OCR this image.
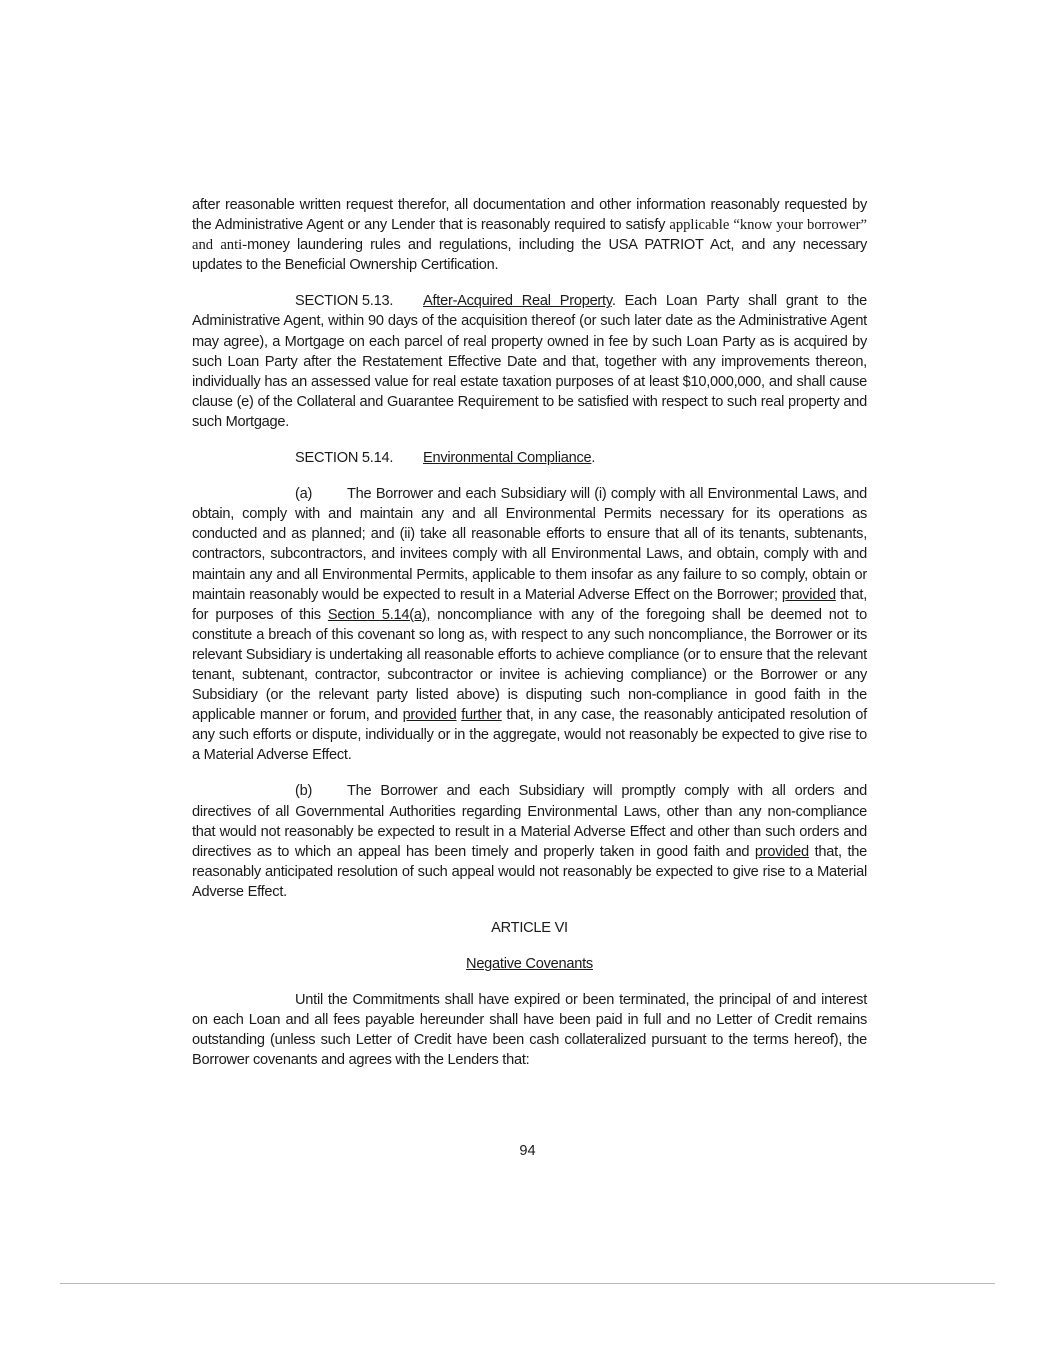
after reasonable written request therefor, all documentation and other information reasonably requested by the Administrative Agent or any Lender that is reasonably required to satisfy applicable “know your borrower” and anti-money laundering rules and regulations, including the USA PATRIOT Act, and any necessary updates to the Beneficial Ownership Certification.

SECTION 5.13. After-Acquired Real Property. Each Loan Party shall grant to the Administrative Agent, within 90 days of the acquisition thereof (or such later date as the Administrative Agent may agree), a Mortgage on each parcel of real property owned in fee by such Loan Party as is acquired by such Loan Party after the Restatement Effective Date and that, together with any improvements thereon, individually has an assessed value for real estate taxation purposes of at least $10,000,000, and shall cause clause (e) of the Collateral and Guarantee Requirement to be satisfied with respect to such real property and such Mortgage.

SECTION 5.14. Environmental Compliance.

(a) The Borrower and each Subsidiary will (i) comply with all Environmental Laws, and obtain, comply with and maintain any and all Environmental Permits necessary for its operations as conducted and as planned; and (ii) take all reasonable efforts to ensure that all of its tenants, subtenants, contractors, subcontractors, and invitees comply with all Environmental Laws, and obtain, comply with and maintain any and all Environmental Permits, applicable to them insofar as any failure to so comply, obtain or maintain reasonably would be expected to result in a Material Adverse Effect on the Borrower; provided that, for purposes of this Section 5.14(a), noncompliance with any of the foregoing shall be deemed not to constitute a breach of this covenant so long as, with respect to any such noncompliance, the Borrower or its relevant Subsidiary is undertaking all reasonable efforts to achieve compliance (or to ensure that the relevant tenant, subtenant, contractor, subcontractor or invitee is achieving compliance) or the Borrower or any Subsidiary (or the relevant party listed above) is disputing such non-compliance in good faith in the applicable manner or forum, and provided further that, in any case, the reasonably anticipated resolution of any such efforts or dispute, individually or in the aggregate, would not reasonably be expected to give rise to a Material Adverse Effect.

(b) The Borrower and each Subsidiary will promptly comply with all orders and directives of all Governmental Authorities regarding Environmental Laws, other than any non-compliance that would not reasonably be expected to result in a Material Adverse Effect and other than such orders and directives as to which an appeal has been timely and properly taken in good faith and provided that, the reasonably anticipated resolution of such appeal would not reasonably be expected to give rise to a Material Adverse Effect.

ARTICLE VI

Negative Covenants

Until the Commitments shall have expired or been terminated, the principal of and interest on each Loan and all fees payable hereunder shall have been paid in full and no Letter of Credit remains outstanding (unless such Letter of Credit have been cash collateralized pursuant to the terms hereof), the Borrower covenants and agrees with the Lenders that:

94
